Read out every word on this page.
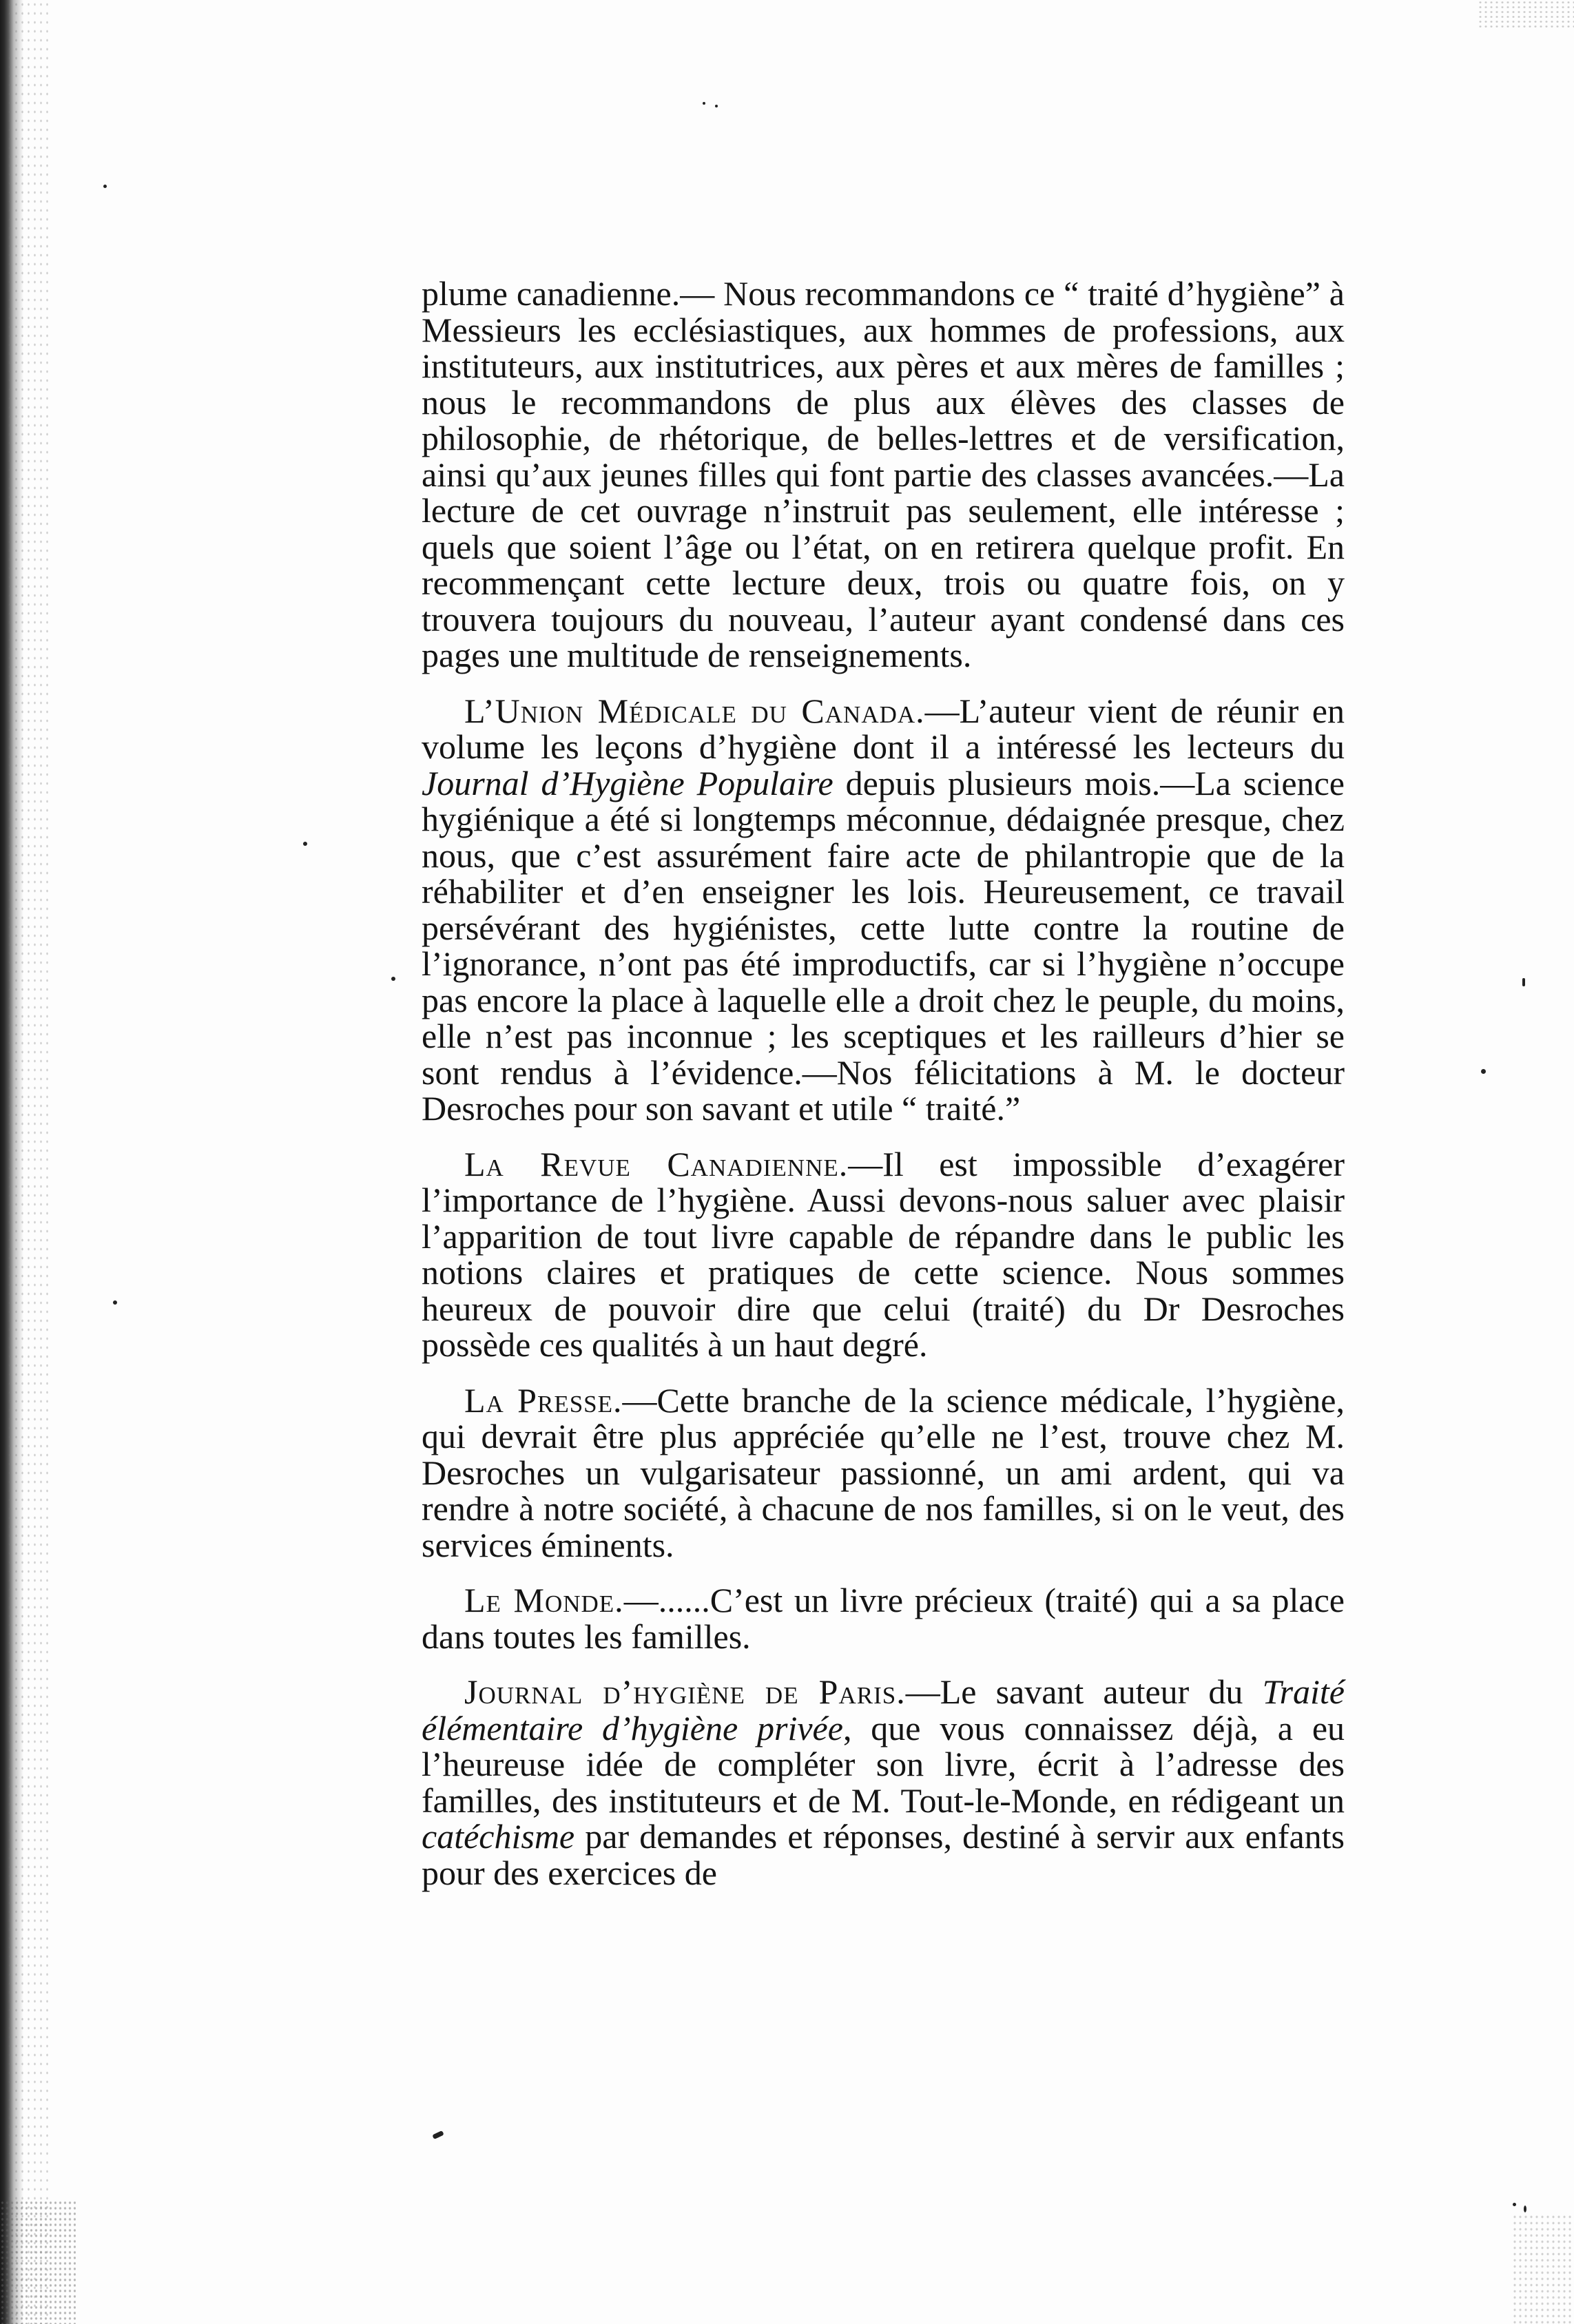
plume canadienne.— Nous recommandons ce “ traité d’hygiène” à Messieurs les ecclésiastiques, aux hommes de professions, aux instituteurs, aux institutrices, aux pères et aux mères de familles ; nous le recommandons de plus aux élèves des classes de philosophie, de rhétorique, de belles-lettres et de versification, ainsi qu’aux jeunes filles qui font partie des classes avancées.—La lecture de cet ouvrage n’instruit pas seulement, elle intéresse ; quels que soient l’âge ou l’état, on en retirera quelque profit. En recommençant cette lecture deux, trois ou quatre fois, on y trouvera toujours du nouveau, l’auteur ayant condensé dans ces pages une multitude de renseignements.

L’Union Médicale du Canada.—L’auteur vient de réunir en volume les leçons d’hygiène dont il a intéressé les lecteurs du Journal d’Hygiène Populaire depuis plusieurs mois.—La science hygiénique a été si longtemps méconnue, dédaignée presque, chez nous, que c’est assurément faire acte de philantropie que de la réhabiliter et d’en enseigner les lois. Heureusement, ce travail persévérant des hygiénistes, cette lutte contre la routine de l’ignorance, n’ont pas été improductifs, car si l’hygiène n’occupe pas encore la place à laquelle elle a droit chez le peuple, du moins, elle n’est pas inconnue ; les sceptiques et les railleurs d’hier se sont rendus à l’évidence.—Nos félicitations à M. le docteur Desroches pour son savant et utile “ traité.”

La Revue Canadienne.—Il est impossible d’exagérer l’importance de l’hygiène. Aussi devons-nous saluer avec plaisir l’apparition de tout livre capable de répandre dans le public les notions claires et pratiques de cette science. Nous sommes heureux de pouvoir dire que celui (traité) du Dr Desroches possède ces qualités à un haut degré.

La Presse.—Cette branche de la science médicale, l’hygiène, qui devrait être plus appréciée qu’elle ne l’est, trouve chez M. Desroches un vulgarisateur passionné, un ami ardent, qui va rendre à notre société, à chacune de nos familles, si on le veut, des services éminents.

Le Monde.—......C’est un livre précieux (traité) qui a sa place dans toutes les familles.

Journal d’hygiène de Paris.—Le savant auteur du Traité élémentaire d’hygiène privée, que vous connaissez déjà, a eu l’heureuse idée de compléter son livre, écrit à l’adresse des familles, des instituteurs et de M. Tout-le-Monde, en rédigeant un catéchisme par demandes et réponses, destiné à servir aux enfants pour des exercices de
